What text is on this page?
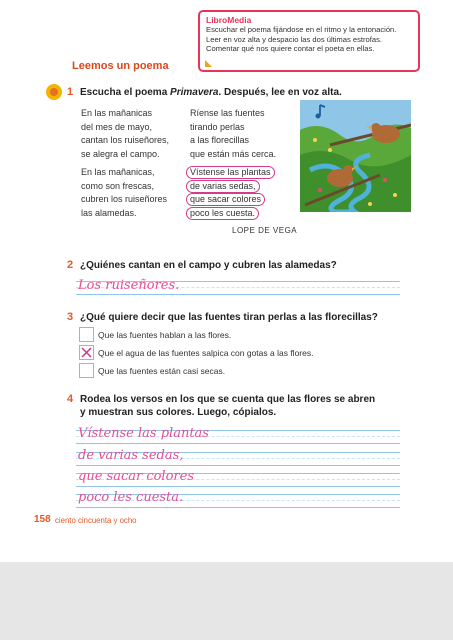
LibroMedia
Escuchar el poema fijándose en el ritmo y la entonación.
Leer en voz alta y despacio las dos últimas estrofas.
Comentar qué nos quiere contar el poeta en ellas.
Leemos un poema
1 Escucha el poema Primavera. Después, lee en voz alta.
En las mañanicas
del mes de mayo,
cantan los ruiseñores,
se alegra el campo.
Ríense las fuentes
tirando perlas
a las florecillas
que están más cerca.
En las mañanicas,
como son frescas,
cubren los ruiseñores
las alamedas.
Vístense las plantas
de varias sedas,
que sacar colores
poco les cuesta.
LOPE DE VEGA
2 ¿Quiénes cantan en el campo y cubren las alamedas?
Los ruiseñores.
3 ¿Qué quiere decir que las fuentes tiran perlas a las florecillas?
Que las fuentes hablan a las flores.
Que el agua de las fuentes salpica con gotas a las flores.
Que las fuentes están casi secas.
4 Rodea los versos en los que se cuenta que las flores se abren
y muestran sus colores. Luego, cópialos.
Vístense las plantas
de varias sedas,
que sacar colores
poco les cuesta.
158 ciento cincuenta y ocho
